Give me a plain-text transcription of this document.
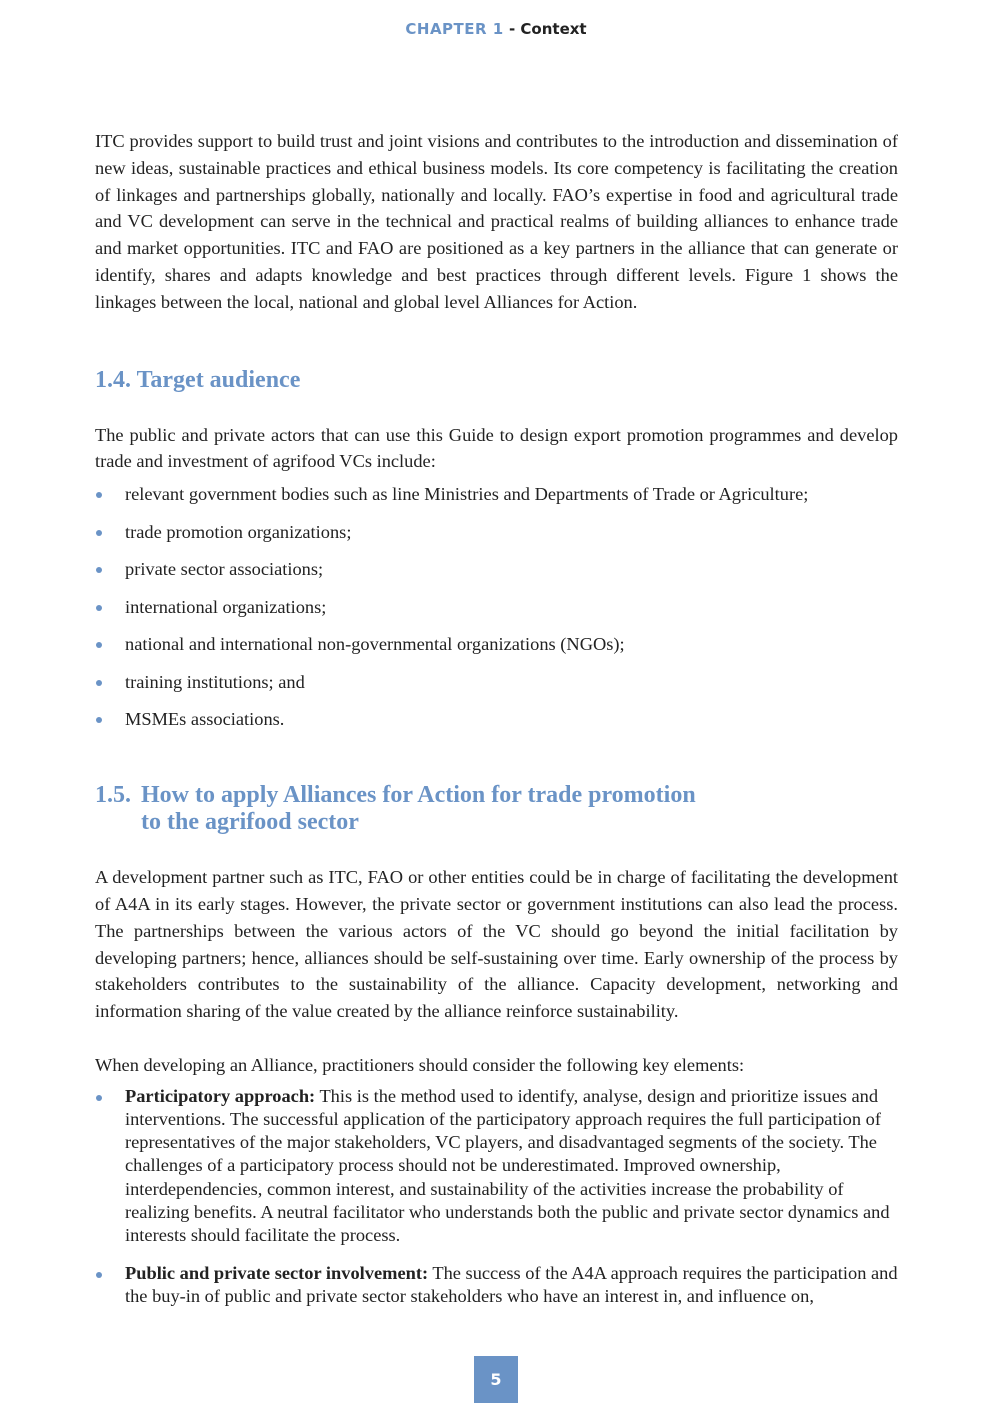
CHAPTER 1 - Context

ITC provides support to build trust and joint visions and contributes to the introduction and dissemination of new ideas, sustainable practices and ethical business models. Its core competency is facilitating the creation of linkages and partnerships globally, nationally and locally. FAO’s expertise in food and agricultural trade and VC development can serve in the technical and practical realms of building alliances to enhance trade and market opportunities. ITC and FAO are positioned as a key partners in the alliance that can generate or identify, shares and adapts knowledge and best practices through different levels. Figure 1 shows the linkages between the local, national and global level Alliances for Action.

1.4. Target audience

The public and private actors that can use this Guide to design export promotion programmes and develop trade and investment of agrifood VCs include:

relevant government bodies such as line Ministries and Departments of Trade or Agriculture;
trade promotion organizations;
private sector associations;
international organizations;
national and international non-governmental organizations (NGOs);
training institutions; and
MSMEs associations.
1.5. How to apply Alliances for Action for trade promotion
to the agrifood sector

A development partner such as ITC, FAO or other entities could be in charge of facilitating the development of A4A in its early stages. However, the private sector or government institutions can also lead the process. The partnerships between the various actors of the VC should go beyond the initial facilitation by developing partners; hence, alliances should be self-sustaining over time. Early ownership of the process by stakeholders contributes to the sustainability of the alliance. Capacity development, networking and information sharing of the value created by the alliance reinforce sustainability.

When developing an Alliance, practitioners should consider the following key elements:

Participatory approach: This is the method used to identify, analyse, design and prioritize issues and interventions. The successful application of the participatory approach requires the full participation of representatives of the major stakeholders, VC players, and disadvantaged segments of the society. The challenges of a participatory process should not be underestimated. Improved ownership, interdependencies, common interest, and sustainability of the activities increase the probability of realizing benefits. A neutral facilitator who understands both the public and private sector dynamics and interests should facilitate the process.
Public and private sector involvement: The success of the A4A approach requires the participation and the buy-in of public and private sector stakeholders who have an interest in, and influence on,
5
